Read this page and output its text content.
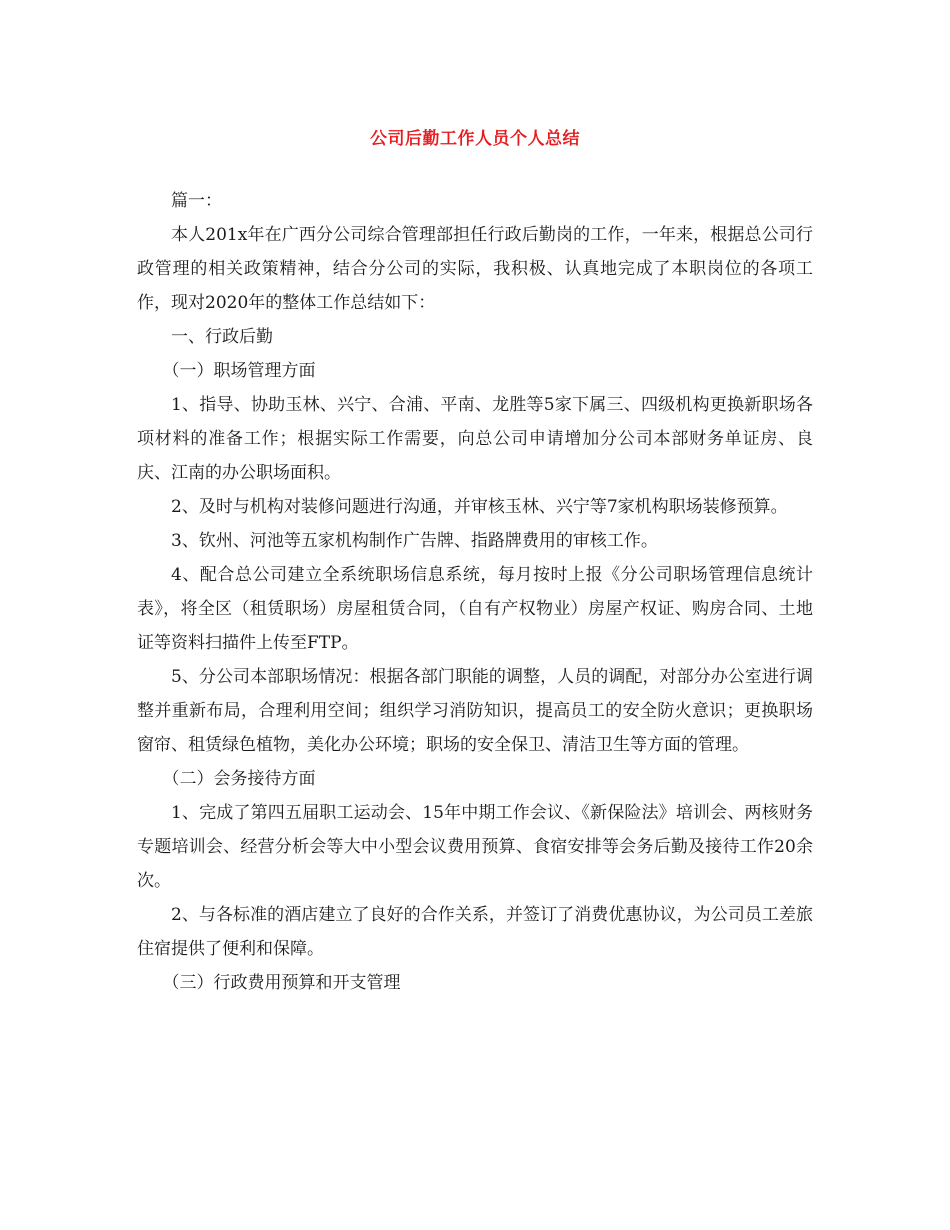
公司后勤工作人员个人总结

篇一：

本人201x年在广西分公司综合管理部担任行政后勤岗的工作，一年来，根据总公司行政管理的相关政策精神，结合分公司的实际，我积极、认真地完成了本职岗位的各项工作，现对2020年的整体工作总结如下：

一、行政后勤

（一）职场管理方面

1、指导、协助玉林、兴宁、合浦、平南、龙胜等5家下属三、四级机构更换新职场各项材料的准备工作；根据实际工作需要，向总公司申请增加分公司本部财务单证房、良庆、江南的办公职场面积。

2、及时与机构对装修问题进行沟通，并审核玉林、兴宁等7家机构职场装修预算。

3、钦州、河池等五家机构制作广告牌、指路牌费用的审核工作。

4、配合总公司建立全系统职场信息系统，每月按时上报《分公司职场管理信息统计表》，将全区（租赁职场）房屋租赁合同，（自有产权物业）房屋产权证、购房合同、土地证等资料扫描件上传至FTP。

5、分公司本部职场情况：根据各部门职能的调整，人员的调配，对部分办公室进行调整并重新布局，合理利用空间；组织学习消防知识，提高员工的安全防火意识；更换职场窗帘、租赁绿色植物，美化办公环境；职场的安全保卫、清洁卫生等方面的管理。

（二）会务接待方面

1、完成了第四五届职工运动会、15年中期工作会议、《新保险法》培训会、两核财务专题培训会、经营分析会等大中小型会议费用预算、食宿安排等会务后勤及接待工作20余次。

2、与各标准的酒店建立了良好的合作关系，并签订了消费优惠协议，为公司员工差旅住宿提供了便利和保障。

（三）行政费用预算和开支管理
